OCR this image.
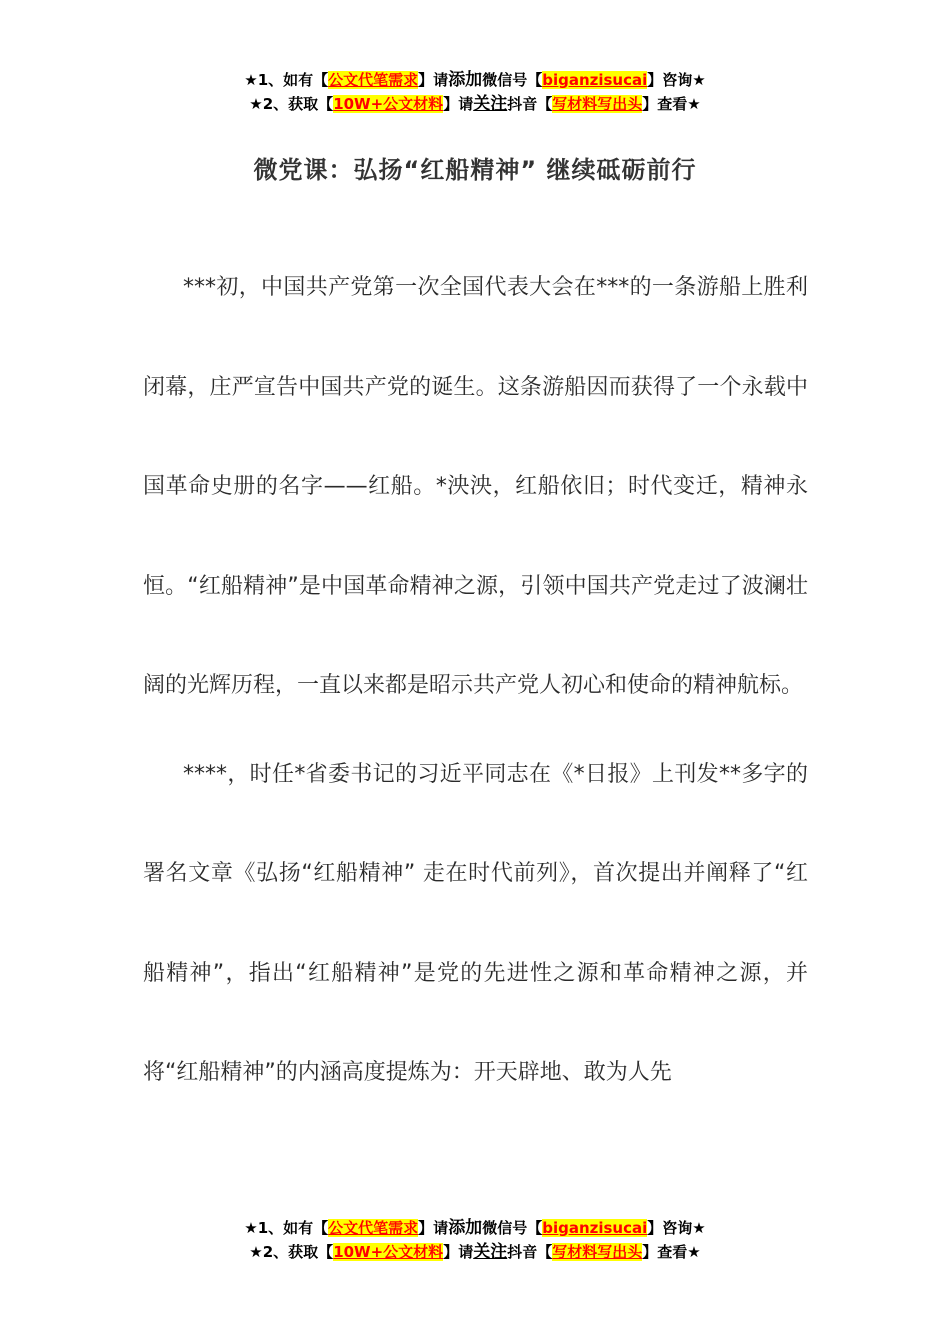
★1、如有【公文代笔需求】请添加微信号【biganzisucai】咨询★
★2、获取【10W+公文材料】请关注抖音【写材料写出头】查看★
微党课：弘扬“红船精神” 继续砥砺前行

***初，中国共产党第一次全国代表大会在***的一条游船上胜利闭幕，庄严宣告中国共产党的诞生。这条游船因而获得了一个永载中国革命史册的名字——红船。*泱泱，红船依旧；时代变迁，精神永恒。“红船精神”是中国革命精神之源，引领中国共产党走过了波澜壮阔的光辉历程，一直以来都是昭示共产党人初心和使命的精神航标。

****，时任*省委书记的习近平同志在《*日报》上刊发**多字的署名文章《弘扬“红船精神” 走在时代前列》，首次提出并阐释了“红船精神”，指出“红船精神”是党的先进性之源和革命精神之源，并将“红船精神”的内涵高度提炼为：开天辟地、敢为人先

★1、如有【公文代笔需求】请添加微信号【biganzisucai】咨询★
★2、获取【10W+公文材料】请关注抖音【写材料写出头】查看★
